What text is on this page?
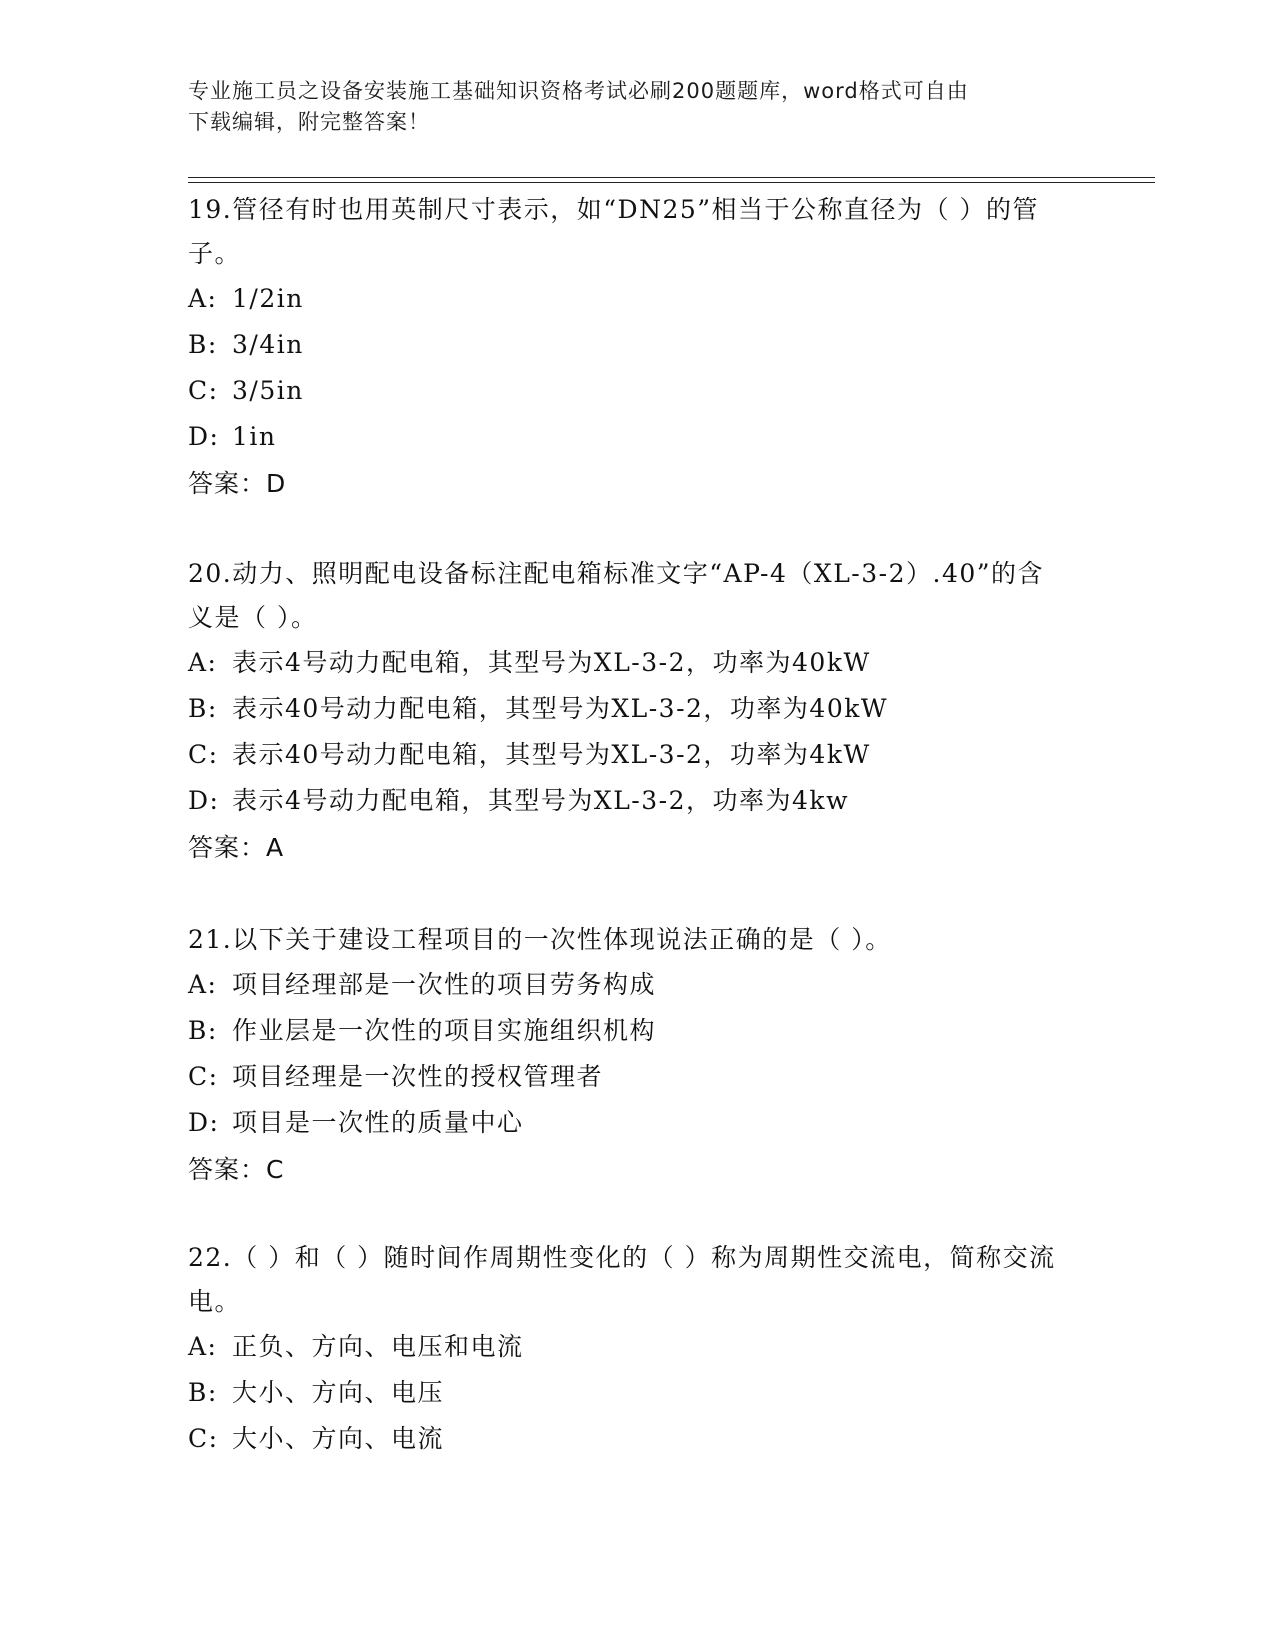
专业施工员之设备安装施工基础知识资格考试必刷200题题库，word格式可自由
下载编辑，附完整答案！

19.管径有时也用英制尺寸表示，如“DN25”相当于公称直径为（ ）的管子。

A: 1/2in

B: 3/4in

C: 3/5in

D: 1in

答案：D

20.动力、照明配电设备标注配电箱标准文字“AP-4（XL-3-2）.40”的含义是（ ）。

A: 表示4号动力配电箱，其型号为XL-3-2，功率为40kW

B: 表示40号动力配电箱，其型号为XL-3-2，功率为40kW

C: 表示40号动力配电箱，其型号为XL-3-2，功率为4kW

D: 表示4号动力配电箱，其型号为XL-3-2，功率为4kw

答案：A

21.以下关于建设工程项目的一次性体现说法正确的是（ ）。

A: 项目经理部是一次性的项目劳务构成

B: 作业层是一次性的项目实施组织机构

C: 项目经理是一次性的授权管理者

D: 项目是一次性的质量中心

答案：C

22.（ ）和（ ）随时间作周期性变化的（ ）称为周期性交流电，简称交流电。

A: 正负、方向、电压和电流

B: 大小、方向、电压

C: 大小、方向、电流
